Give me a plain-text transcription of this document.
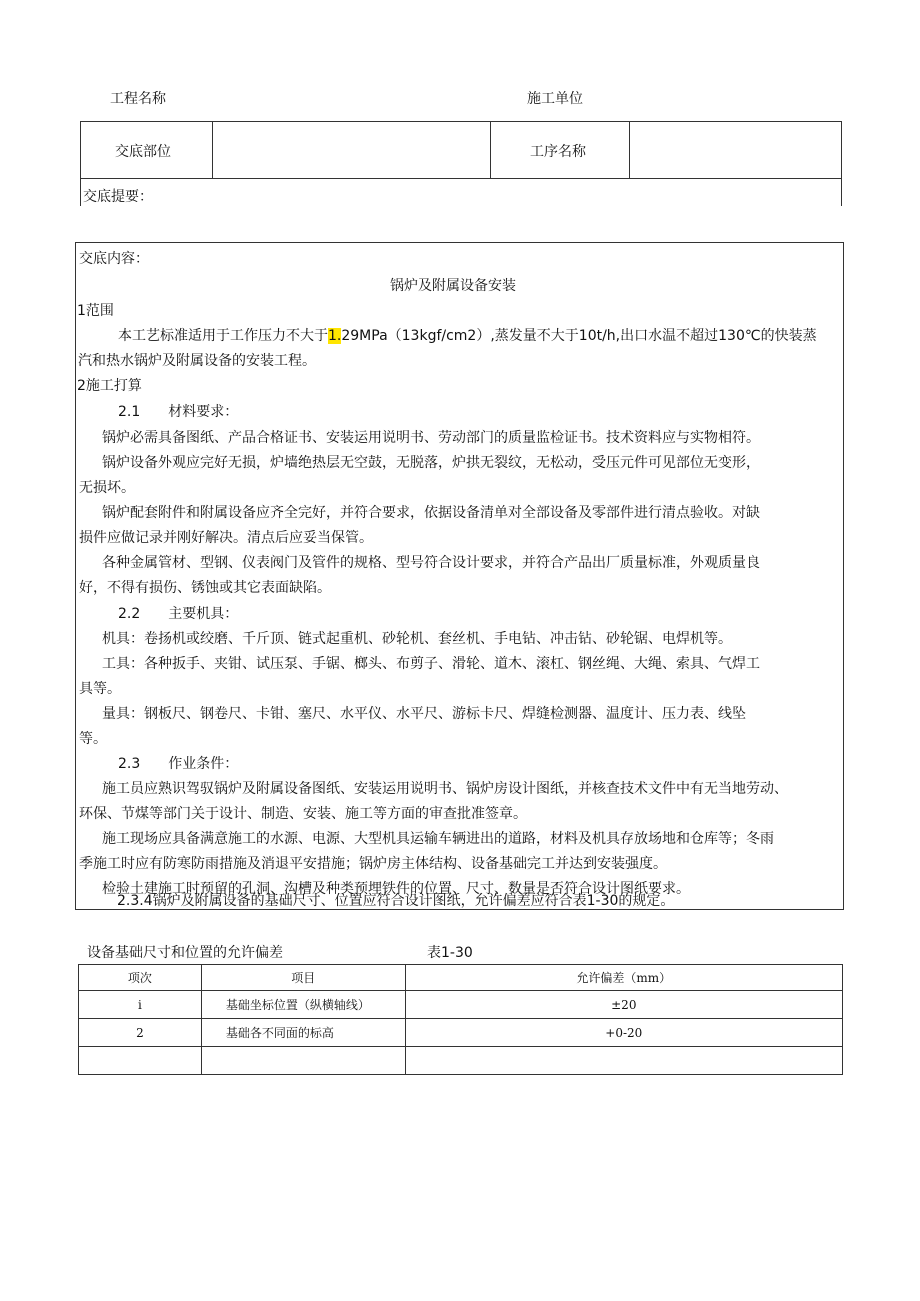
工程名称	施工单位
交底部位	工序名称
交底提要：
交底内容：
锅炉及附属设备安装
1范围
本工艺标准适用于工作压力不大于1.29MPa（13kgf/cm2）,蒸发量不大于10t/h,出口水温不超过130℃的快装蒸
汽和热水锅炉及附属设备的安装工程。
2施工打算
2.1　　材料要求：
锅炉必需具备图纸、产品合格证书、安装运用说明书、劳动部门的质量监检证书。技术资料应与实物相符。
锅炉设备外观应完好无损，炉墙绝热层无空鼓，无脱落，炉拱无裂纹，无松动，受压元件可见部位无变形，
无损坏。
锅炉配套附件和附属设备应齐全完好，并符合要求，依据设备清单对全部设备及零部件进行清点验收。对缺
损件应做记录并刚好解决。清点后应妥当保管。
各种金属管材、型钢、仪表阀门及管件的规格、型号符合设计要求，并符合产品出厂质量标准，外观质量良
好，不得有损伤、锈蚀或其它表面缺陷。
2.2　　主要机具：
机具：卷扬机或绞磨、千斤顶、链式起重机、砂轮机、套丝机、手电钻、冲击钻、砂轮锯、电焊机等。
工具：各种扳手、夹钳、试压泵、手锯、榔头、布剪子、滑轮、道木、滚杠、钢丝绳、大绳、索具、气焊工
具等。
量具：钢板尺、钢卷尺、卡钳、塞尺、水平仪、水平尺、游标卡尺、焊缝检测器、温度计、压力表、线坠
等。
2.3　　作业条件：
施工员应熟识驾驭锅炉及附属设备图纸、安装运用说明书、锅炉房设计图纸，并核查技术文件中有无当地劳动、
环保、节煤等部门关于设计、制造、安装、施工等方面的审查批准签章。
施工现场应具备满意施工的水源、电源、大型机具运输车辆进出的道路，材料及机具存放场地和仓库等；冬雨
季施工时应有防寒防雨措施及消退平安措施；锅炉房主体结构、设备基础完工并达到安装强度。
检验土建施工时预留的孔洞、沟槽及种类预埋铁件的位置、尺寸、数量是否符合设计图纸要求。
2.3.4锅炉及附属设备的基础尺寸、位置应符合设计图纸，允许偏差应符合表1-30的规定。
设备基础尺寸和位置的允许偏差	表1-30
项次	项目	允许偏差（mm）
i	基础坐标位置（纵横轴线）	±20
2	基础各不同面的标高	+0-20
